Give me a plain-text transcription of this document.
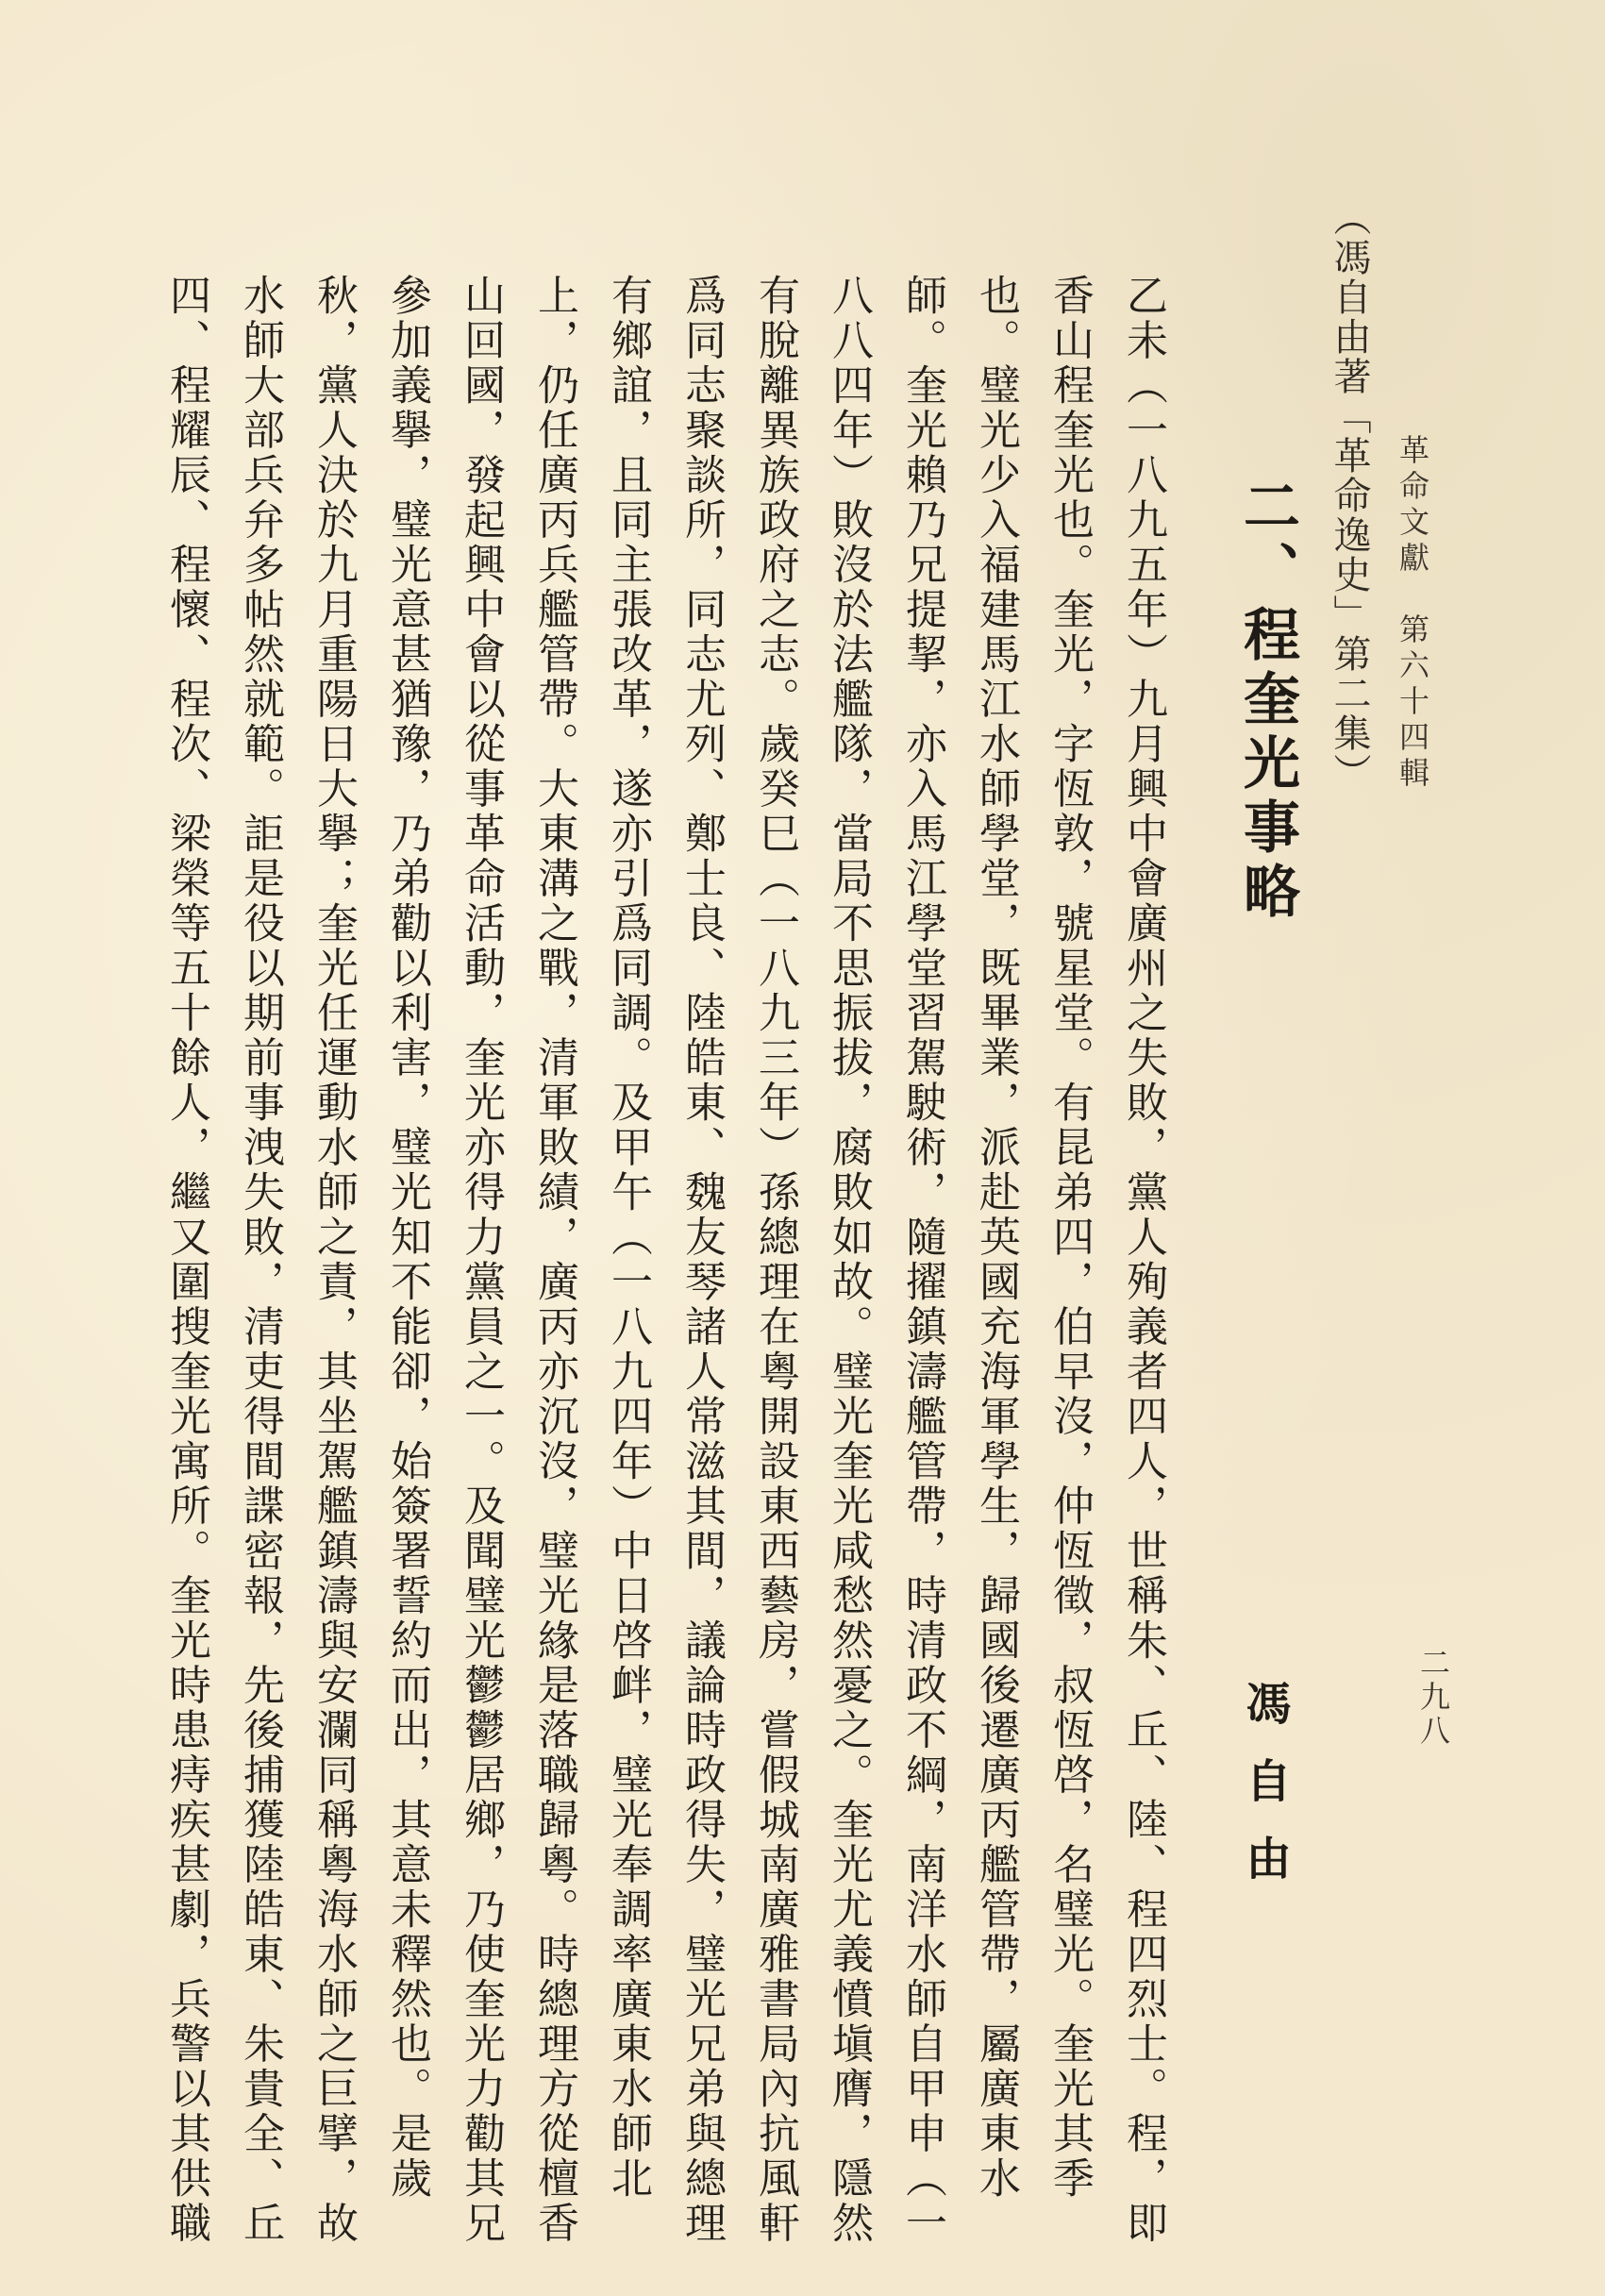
革命文獻　第六十四輯
二九八
（馮自由著「革命逸史」第二集）
二、程奎光事略
馮自由
乙未（一八九五年）九月興中會廣州之失敗，黨人殉義者四人，世稱朱、丘、陸、程四烈士。程，即
香山程奎光也。奎光，字恆敦，號星堂。有昆弟四，伯早沒，仲恆徵，叔恆啓，名璧光。奎光其季
也。璧光少入福建馬江水師學堂，既畢業，派赴英國充海軍學生，歸國後遷廣丙艦管帶，屬廣東水
師。奎光賴乃兄提挈，亦入馬江學堂習駕駛術，隨擢鎮濤艦管帶，時清政不綱，南洋水師自甲申（一
八八四年）敗沒於法艦隊，當局不思振拔，腐敗如故。璧光奎光咸愁然憂之。奎光尤義憤塡膺，隱然
有脫離異族政府之志。歲癸巳（一八九三年）孫總理在粵開設東西藝房，嘗假城南廣雅書局內抗風軒
爲同志聚談所，同志尤列、鄭士良、陸皓東、魏友琴諸人常滋其間，議論時政得失，璧光兄弟與總理
有鄉誼，且同主張改革，遂亦引爲同調。及甲午（一八九四年）中日啓衅，璧光奉調率廣東水師北
上，仍任廣丙兵艦管帶。大東溝之戰，清軍敗績，廣丙亦沉沒，璧光緣是落職歸粵。時總理方從檀香
山回國，發起興中會以從事革命活動，奎光亦得力黨員之一。及聞璧光鬱鬱居鄉，乃使奎光力勸其兄
參加義擧，璧光意甚猶豫，乃弟勸以利害，璧光知不能卻，始簽署誓約而出，其意未釋然也。是歲
秋，黨人決於九月重陽日大擧；奎光任運動水師之責，其坐駕艦鎮濤與安瀾同稱粵海水師之巨擘，故
水師大部兵弁多帖然就範。詎是役以期前事洩失敗，清吏得間諜密報，先後捕獲陸皓東、朱貴全、丘
四、程耀辰、程懷、程次、梁榮等五十餘人，繼又圍搜奎光寓所。奎光時患痔疾甚劇，兵警以其供職
